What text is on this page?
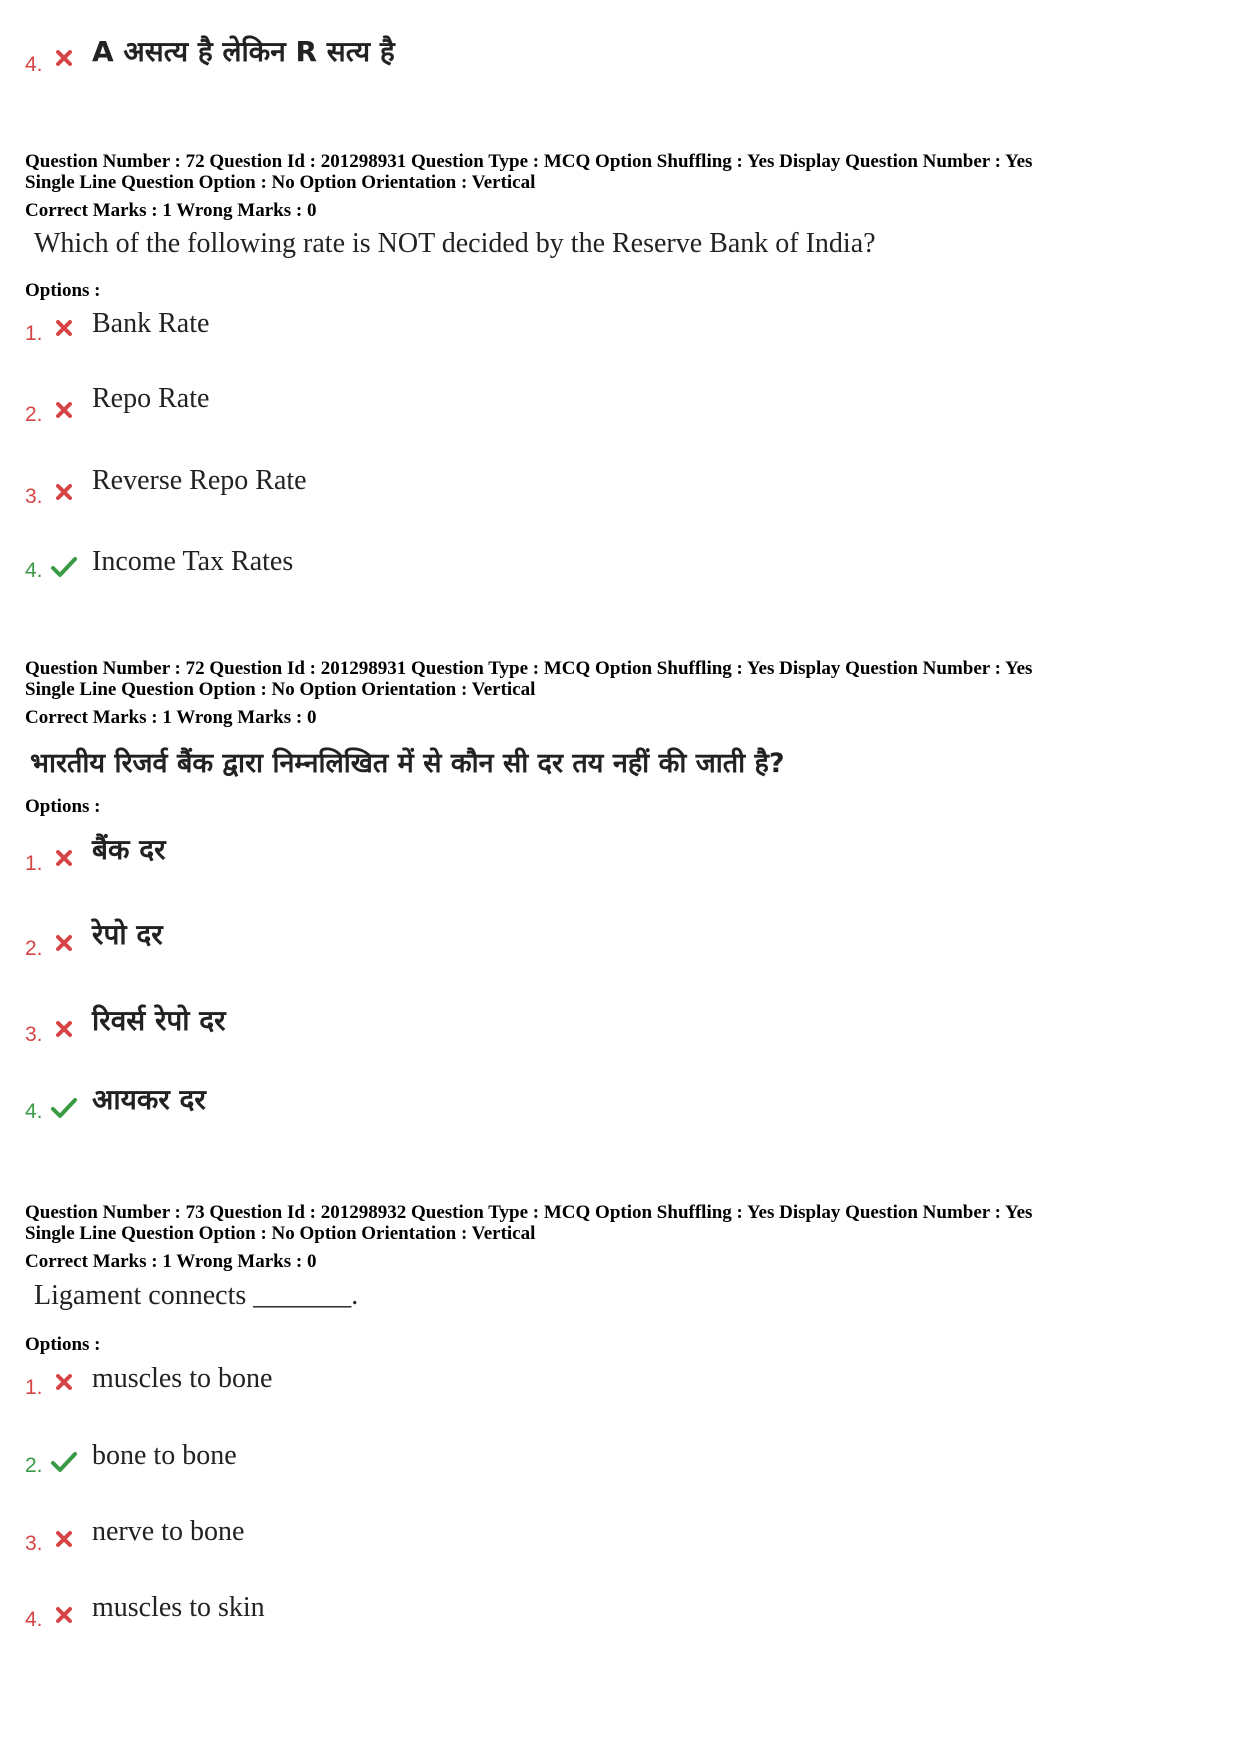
4. A असत्य है लेकिन R सत्य है
Question Number : 72 Question Id : 201298931 Question Type : MCQ Option Shuffling : Yes Display Question Number : Yes
Single Line Question Option : No Option Orientation : Vertical
Correct Marks : 1 Wrong Marks : 0
Which of the following rate is NOT decided by the Reserve Bank of India?
Options :
1. Bank Rate
2.
Repo Rate
3.
Reverse Repo Rate
4. Income Tax Rates
Question Number : 72 Question Id : 201298931 Question Type : MCQ Option Shuffling : Yes Display Question Number : Yes
Single Line Question Option : No Option Orientation : Vertical
Correct Marks : 1 Wrong Marks : 0
भारतीय रिजर्व बैंक द्वारा निम्नलिखित में से कौन सी दर तय नहीं की जाती है?
Options :
1. बैंक दर
2. रेपो दर
3. रिवर्स रेपो दर
4. आयकर दर
Question Number : 73 Question Id : 201298932 Question Type : MCQ Option Shuffling : Yes Display Question Number : Yes
Single Line Question Option : No Option Orientation : Vertical
Correct Marks : 1 Wrong Marks : 0
Ligament connects _______.
Options :
1. muscles to bone
2. bone to bone
3. nerve to bone
4. muscles to skin
